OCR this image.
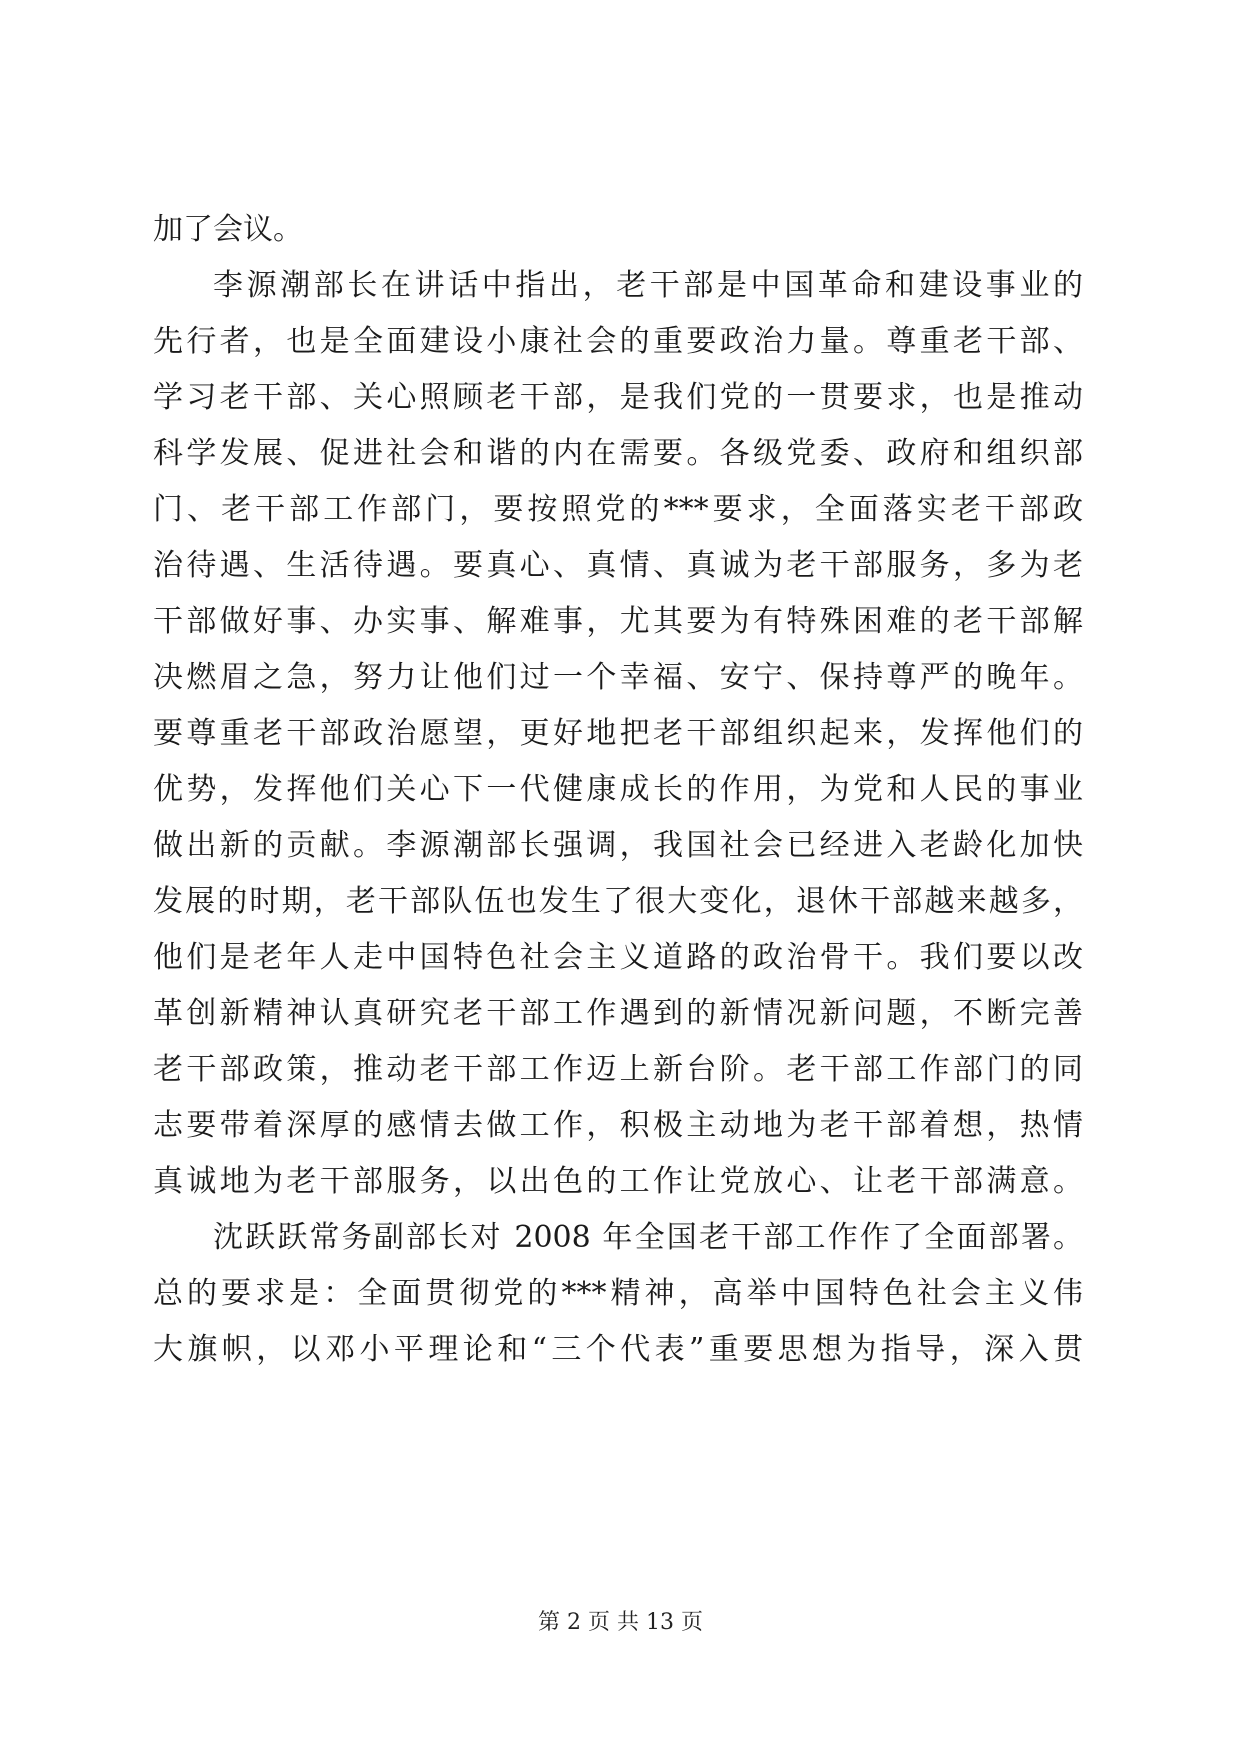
加了会议。
李源潮部长在讲话中指出，老干部是中国革命和建设事业的
先行者，也是全面建设小康社会的重要政治力量。尊重老干部、
学习老干部、关心照顾老干部，是我们党的一贯要求，也是推动
科学发展、促进社会和谐的内在需要。各级党委、政府和组织部
门、老干部工作部门，要按照党的***要求，全面落实老干部政
治待遇、生活待遇。要真心、真情、真诚为老干部服务，多为老
干部做好事、办实事、解难事，尤其要为有特殊困难的老干部解
决燃眉之急，努力让他们过一个幸福、安宁、保持尊严的晚年。
要尊重老干部政治愿望，更好地把老干部组织起来，发挥他们的
优势，发挥他们关心下一代健康成长的作用，为党和人民的事业
做出新的贡献。李源潮部长强调，我国社会已经进入老龄化加快
发展的时期，老干部队伍也发生了很大变化，退休干部越来越多，
他们是老年人走中国特色社会主义道路的政治骨干。我们要以改
革创新精神认真研究老干部工作遇到的新情况新问题，不断完善
老干部政策，推动老干部工作迈上新台阶。老干部工作部门的同
志要带着深厚的感情去做工作，积极主动地为老干部着想，热情
真诚地为老干部服务，以出色的工作让党放心、让老干部满意。
沈跃跃常务副部长对 2008 年全国老干部工作作了全面部署。
总的要求是：全面贯彻党的***精神，高举中国特色社会主义伟
大旗帜，以邓小平理论和“三个代表”重要思想为指导，深入贯
第 2 页 共 13 页
